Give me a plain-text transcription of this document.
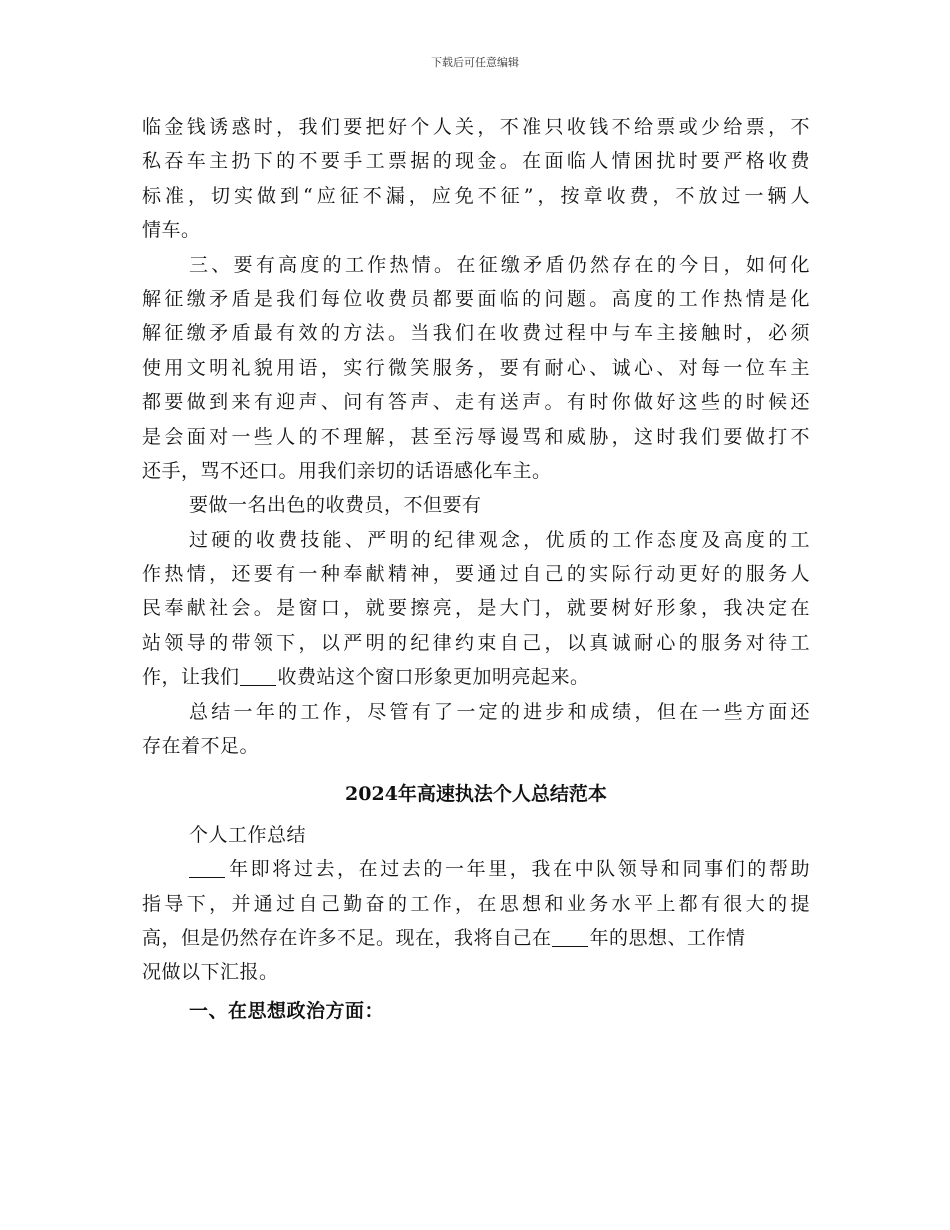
下载后可任意编辑
临金钱诱惑时，我们要把好个人关，不准只收钱不给票或少给票，不
私吞车主扔下的不要手工票据的现金。在面临人情困扰时要严格收费
标准，切实做到“应征不漏，应免不征”，按章收费，不放过一辆人
情车。
三、要有高度的工作热情。在征缴矛盾仍然存在的今日，如何化
解征缴矛盾是我们每位收费员都要面临的问题。高度的工作热情是化
解征缴矛盾最有效的方法。当我们在收费过程中与车主接触时，必须
使用文明礼貌用语，实行微笑服务，要有耐心、诚心、对每一位车主
都要做到来有迎声、问有答声、走有送声。有时你做好这些的时候还
是会面对一些人的不理解，甚至污辱谩骂和威胁，这时我们要做打不
还手，骂不还口。用我们亲切的话语感化车主。
要做一名出色的收费员，不但要有
过硬的收费技能、严明的纪律观念，优质的工作态度及高度的工
作热情，还要有一种奉献精神，要通过自己的实际行动更好的服务人
民奉献社会。是窗口，就要擦亮，是大门，就要树好形象，我决定在
站领导的带领下，以严明的纪律约束自己，以真诚耐心的服务对待工
作，让我们 收费站这个窗口形象更加明亮起来。
总结一年的工作，尽管有了一定的进步和成绩，但在一些方面还
存在着不足。
2024年高速执法个人总结范本
个人工作总结
年即将过去，在过去的一年里，我在中队领导和同事们的帮助
指导下，并通过自己勤奋的工作，在思想和业务水平上都有很大的提
高，但是仍然存在许多不足。现在，我将自己在 年的思想、工作情
况做以下汇报。
一、在思想政治方面：
